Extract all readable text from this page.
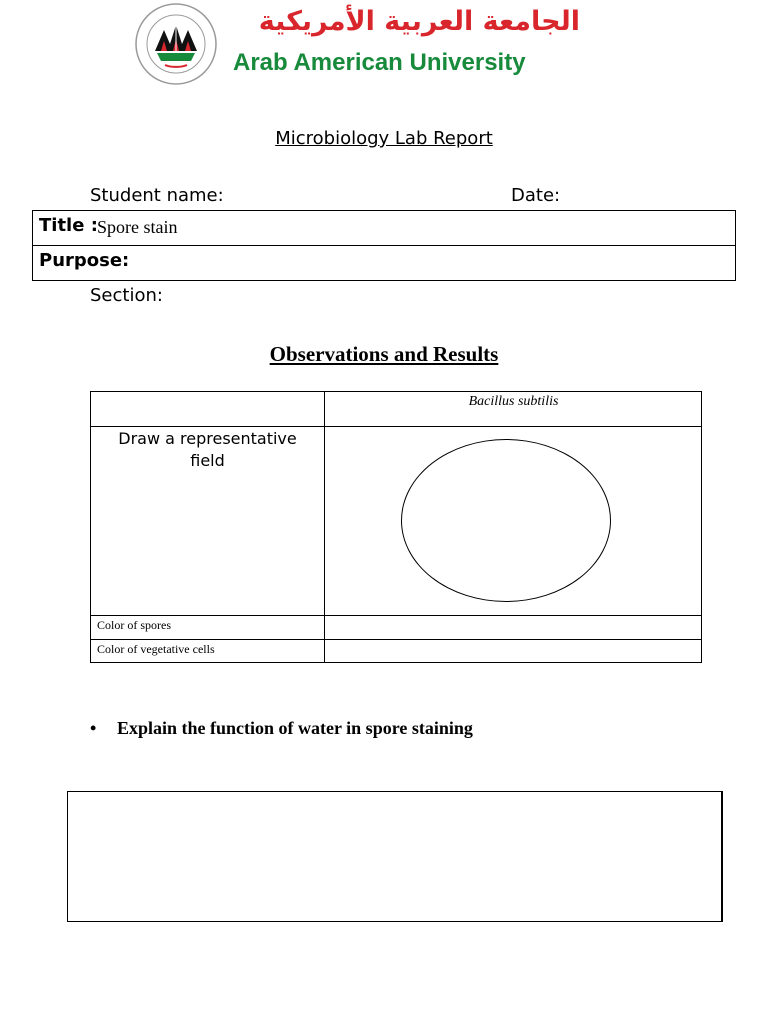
الجامعة العربية الأمريكية
Arab American University
Microbiology Lab Report
Student name:	Date:
Title : Spore stain
Purpose:
Section:
Observations and Results
Bacillus subtilis
Draw a representative field
Color of spores
Color of vegetative cells
• Explain the function of water in spore staining
